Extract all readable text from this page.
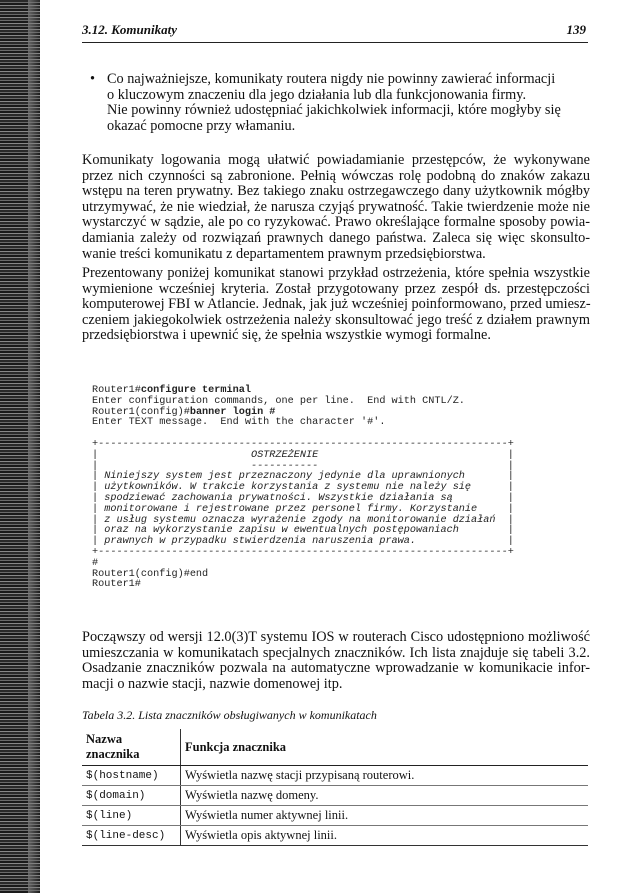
3.12. Komunikaty	139
• Co najważniejsze, komunikaty routera nigdy nie powinny zawierać informacji
o kluczowym znaczeniu dla jego działania lub dla funkcjonowania firmy.
Nie powinny również udostępniać jakichkolwiek informacji, które mogłyby się
okazać pomocne przy włamaniu.
Komunikaty logowania mogą ułatwić powiadamianie przestępców, że wykonywane
przez nich czynności są zabronione. Pełnią wówczas rolę podobną do znaków zakazu
wstępu na teren prywatny. Bez takiego znaku ostrzegawczego dany użytkownik mógłby
utrzymywać, że nie wiedział, że narusza czyjąś prywatność. Takie twierdzenie może nie
wystarczyć w sądzie, ale po co ryzykować. Prawo określające formalne sposoby powia-
damiania zależy od rozwiązań prawnych danego państwa. Zaleca się więc skonsulto-
wanie treści komunikatu z departamentem prawnym przedsiębiorstwa.
Prezentowany poniżej komunikat stanowi przykład ostrzeżenia, które spełnia wszystkie
wymienione wcześniej kryteria. Został przygotowany przez zespół ds. przestępczości
komputerowej FBI w Atlancie. Jednak, jak już wcześniej poinformowano, przed umiesz-
czeniem jakiegokolwiek ostrzeżenia należy skonsultować jego treść z działem prawnym
przedsiębiorstwa i upewnić się, że spełnia wszystkie wymogi formalne.
Router1#configure terminal
Enter configuration commands, one per line.  End with CNTL/Z.
Router1(config)#banner login #
Enter TEXT message.  End with the character '#'.

+-------------------------------------------------------------------+
|                         OSTRZEŻENIE                               |
|                         -----------                               |
| Niniejszy system jest przeznaczony jedynie dla uprawnionych       |
| użytkowników. W trakcie korzystania z systemu nie należy się      |
| spodziewać zachowania prywatności. Wszystkie działania są         |
| monitorowane i rejestrowane przez personel firmy. Korzystanie     |
| z usług systemu oznacza wyrażenie zgody na monitorowanie działań  |
| oraz na wykorzystanie zapisu w ewentualnych postępowaniach        |
| prawnych w przypadku stwierdzenia naruszenia prawa.               |
+-------------------------------------------------------------------+
#
Router1(config)#end
Router1#
Począwszy od wersji 12.0(3)T systemu IOS w routerach Cisco udostępniono możliwość
umieszczania w komunikatach specjalnych znaczników. Ich lista znajduje się tabeli 3.2.
Osadzanie znaczników pozwala na automatyczne wprowadzanie w komunikacie infor-
macji o nazwie stacji, nazwie domenowej itp.
Tabela 3.2. Lista znaczników obsługiwanych w komunikatach
Nazwa znacznika	Funkcja znacznika
$(hostname)	Wyświetla nazwę stacji przypisaną routerowi.
$(domain)	Wyświetla nazwę domeny.
$(line)	Wyświetla numer aktywnej linii.
$(line-desc)	Wyświetla opis aktywnej linii.
